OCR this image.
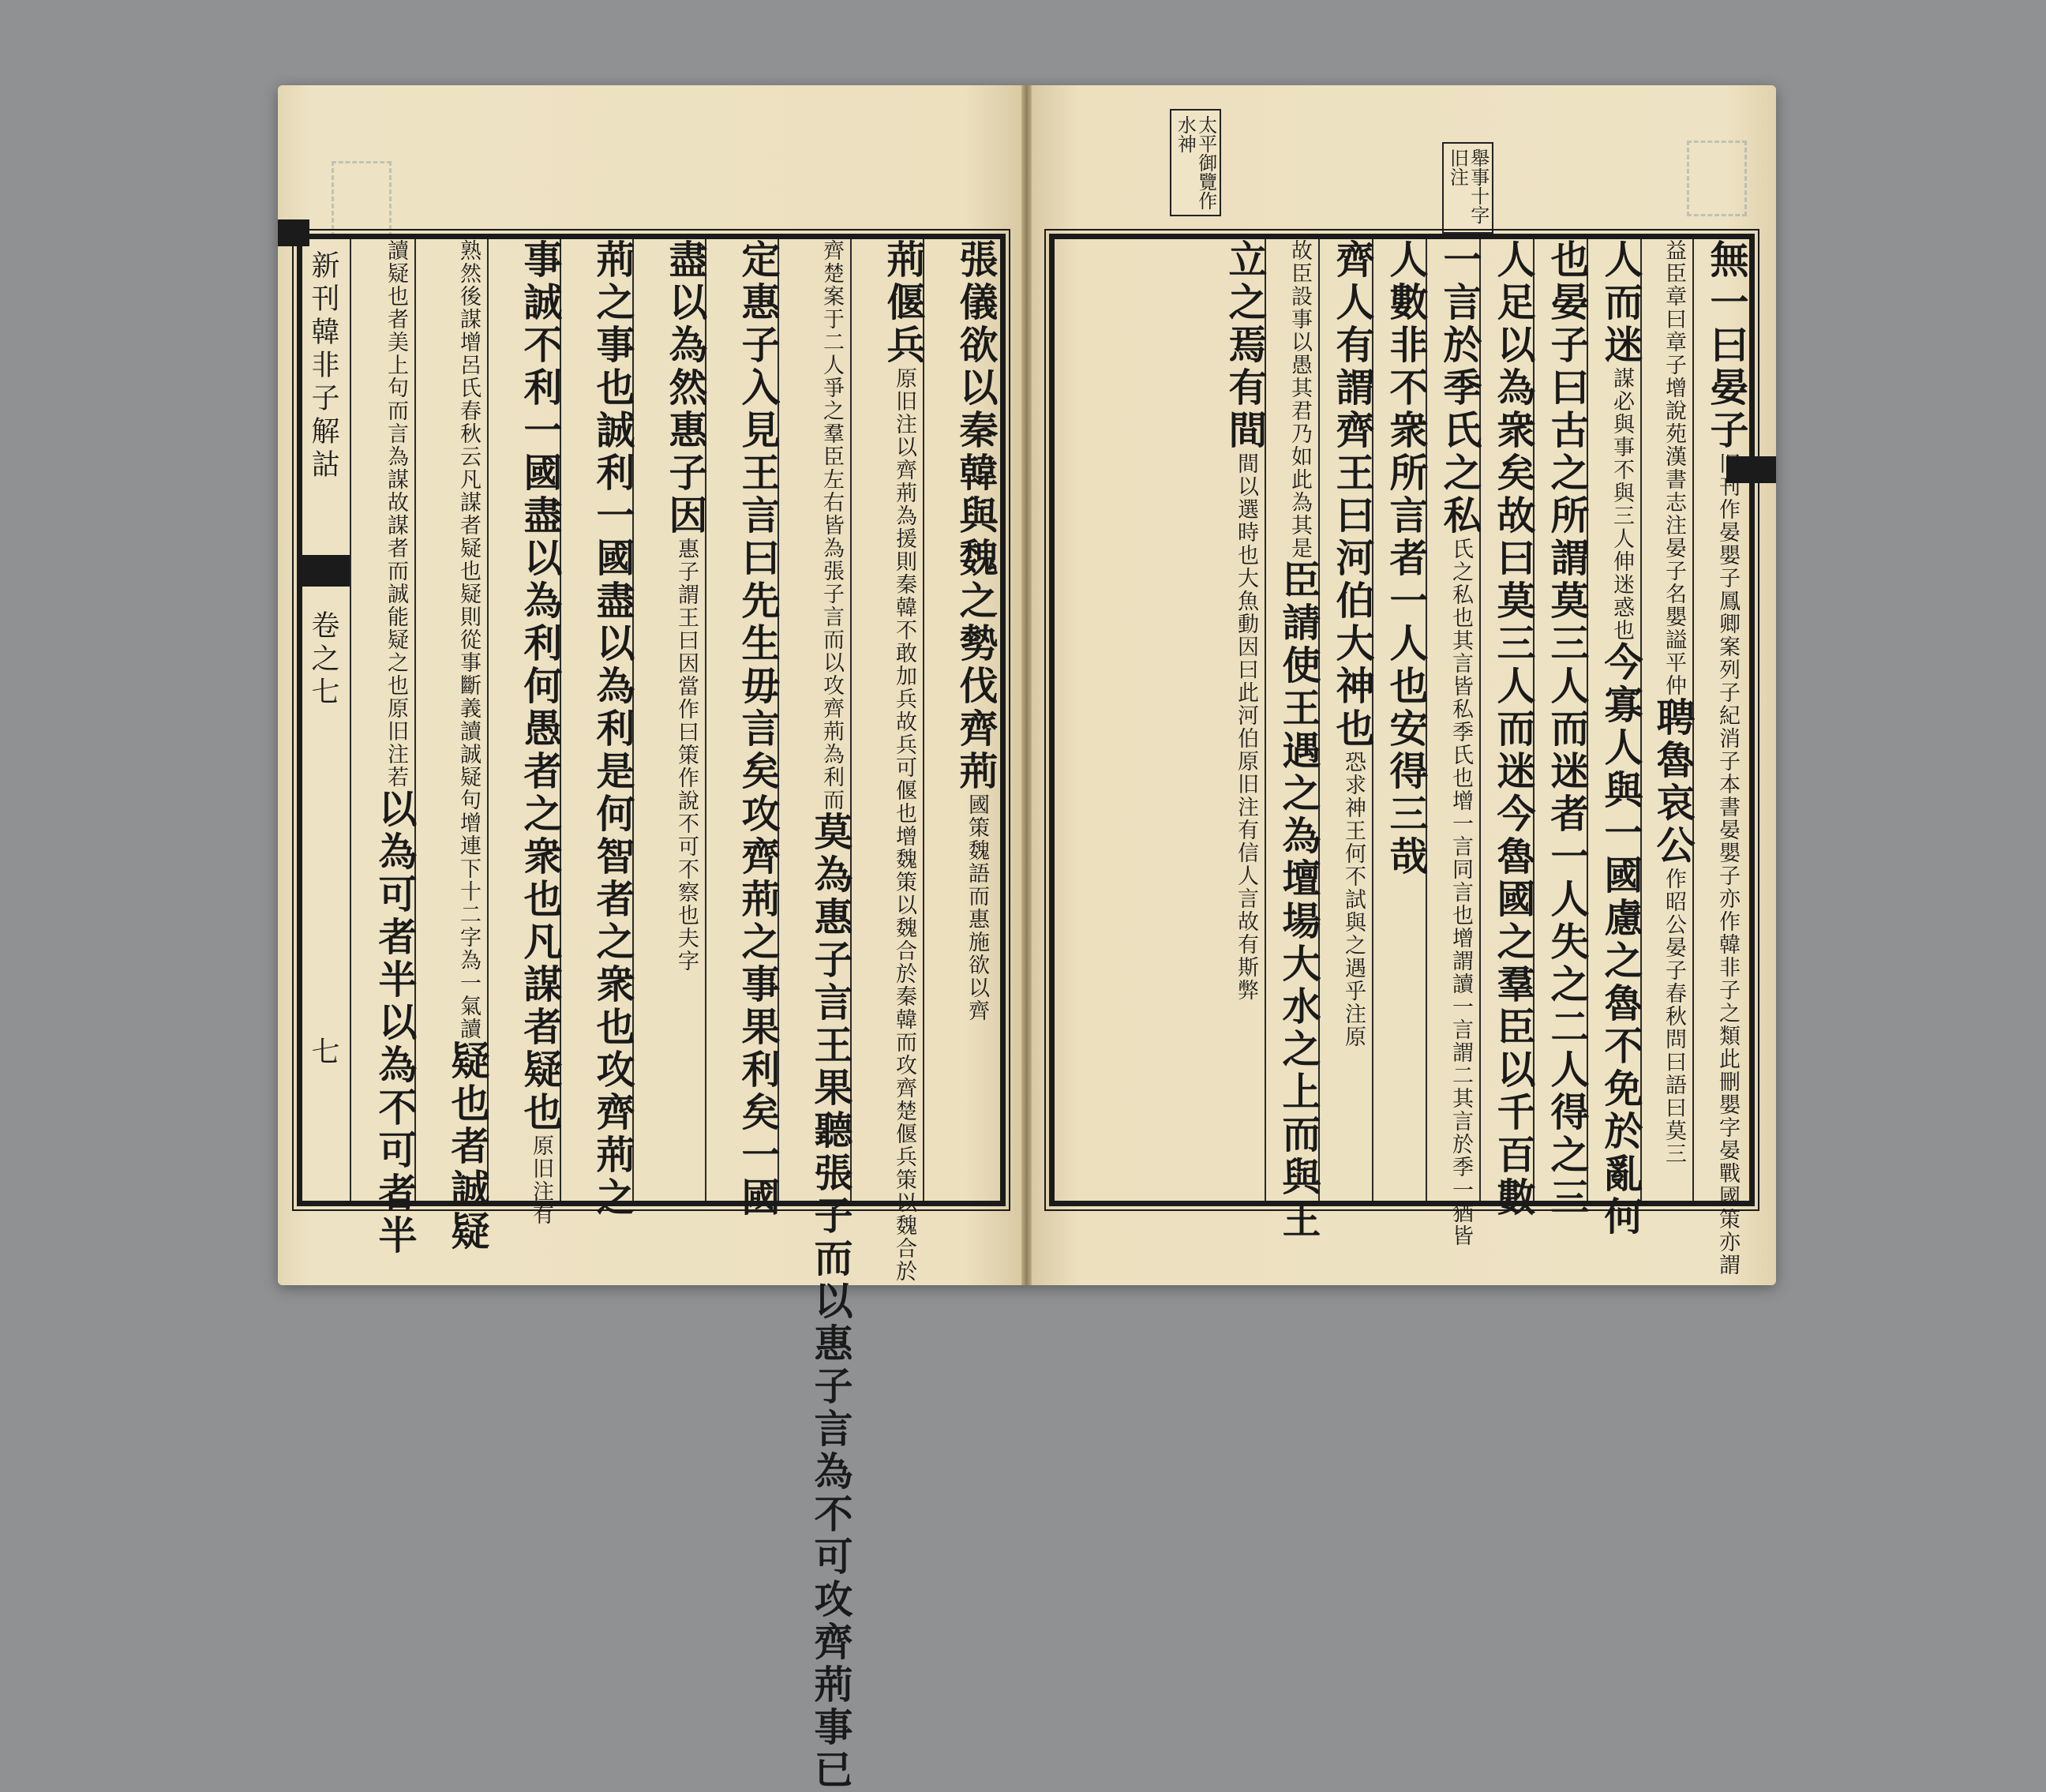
新刊韓非子解詁
卷之七
七
張儀欲以秦韓與魏之勢伐齊荊國策魏語而惠施欲以齊
荊偃兵原旧注以齊荊為援則秦韓不敢加兵故兵可偃也增魏策以魏合於秦韓而攻齊楚偃兵策以魏合於
齊楚案于二人爭之羣臣左右皆為張子言而以攻齊荊為利而莫為惠子言王果聽張子而以惠子言為不可攻齊荊事已
定惠子入見王言曰先生毋言矣攻齊荊之事果利矣一國
盡以為然惠子因惠子謂王曰因當作曰策作說不可不察也夫字
荊之事也誠利一國盡以為利是何智者之衆也攻齊荊之
事誠不利一國盡以為利何愚者之衆也凡謀者疑也原旧注有
熟然後謀增呂氏春秋云凡謀者疑也疑則從事斷義讀誠疑句增連下十二字為一氣讀疑也者誠疑
讀疑也者美上句而言為謀故謀者而誠能疑之也原旧注若以為可者半以為不可者半
太平御覽作水神
舉事十字旧注
無一曰晏子旧刊作晏嬰子鳳卿案列子紀消子本書晏嬰子亦作韓非子之類此刪嬰字晏戰國策亦謂
益臣章曰章子增說苑漢書志注晏子名嬰謚平仲聘魯哀公作昭公晏子春秋問曰語曰莫三
人而迷謀必與事不與三人伸迷惑也今寡人與一國慮之魯不免於亂何
也晏子曰古之所謂莫三人而迷者一人失之二人得之三
人足以為衆矣故曰莫三人而迷今魯國之羣臣以千百數
一言於季氏之私氏之私也其言皆私季氏也增一言同言也增謂讀一言謂二其言於季一猶皆
人數非不衆所言者一人也安得三哉
齊人有謂齊王曰河伯大神也恐求神王何不試與之遇乎注原
故臣設事以愚其君乃如此為其是臣請使王遇之為壇場大水之上而與王
立之焉有間間以選時也大魚動因曰此河伯原旧注有信人言故有斯弊
